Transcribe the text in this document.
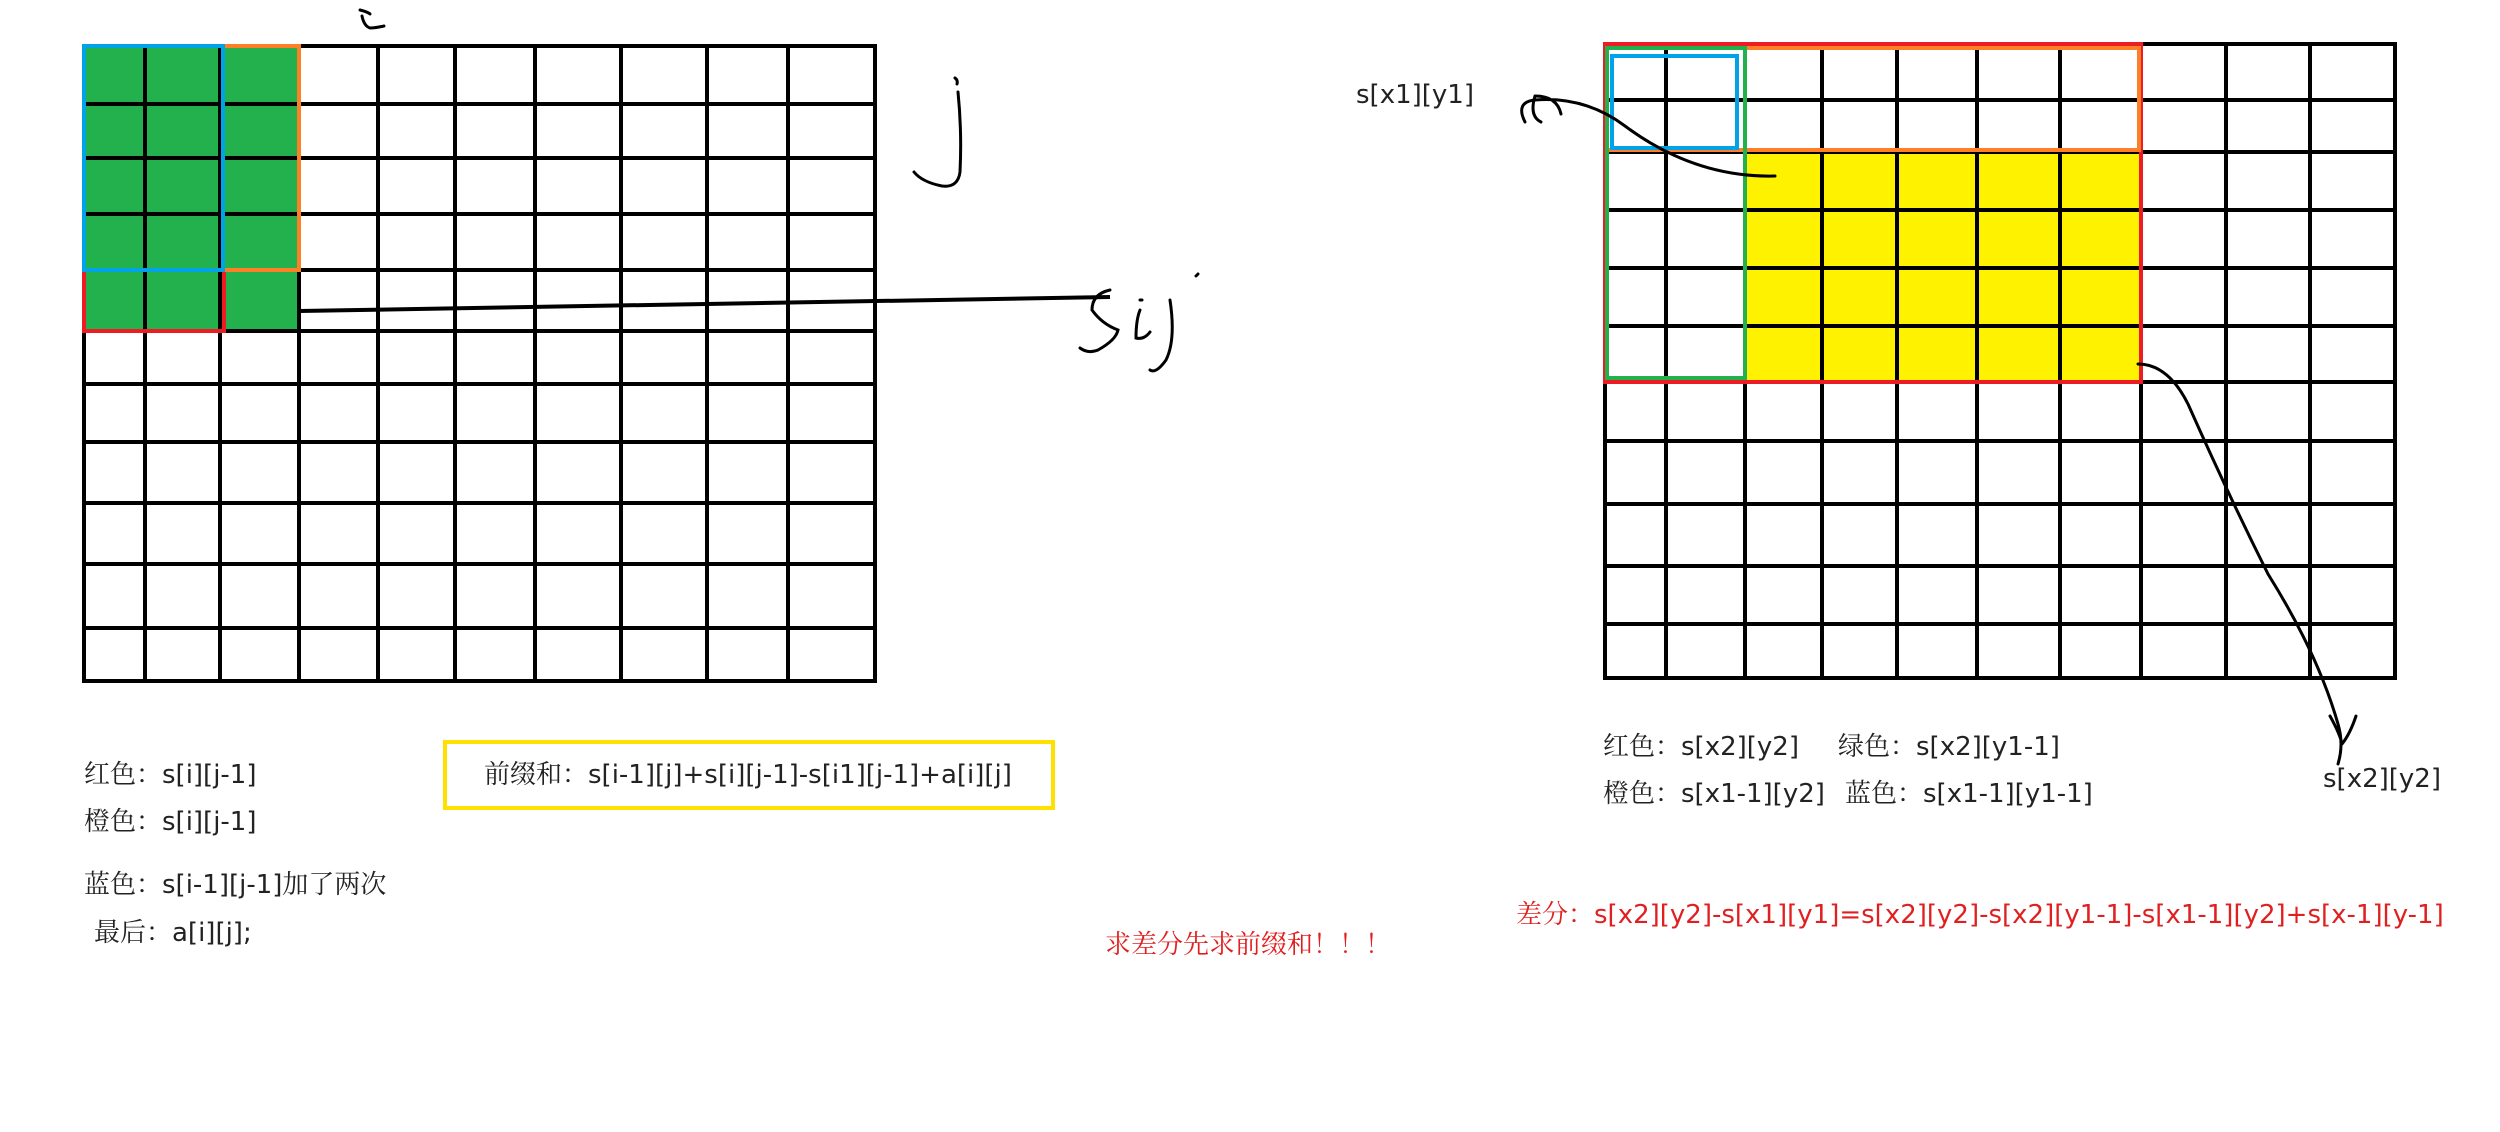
红色：s[i][j-1]
橙色：s[i][j-1]
蓝色：s[i-1][j-1]加了两次
最后：a[i][j];
前缀和：s[i-1][j]+s[i][j-1]-s[i1][j-1]+a[i][j]
求差分先求前缀和！！！
s[x1][y1]
s[x2][y2]
红色：s[x2][y2] 绿色：s[x2][y1-1]
橙色：s[x1-1][y2] 蓝色：s[x1-1][y1-1]
差分：s[x2][y2]-s[x1][y1]=s[x2][y2]-s[x2][y1-1]-s[x1-1][y2]+s[x-1][y-1]
